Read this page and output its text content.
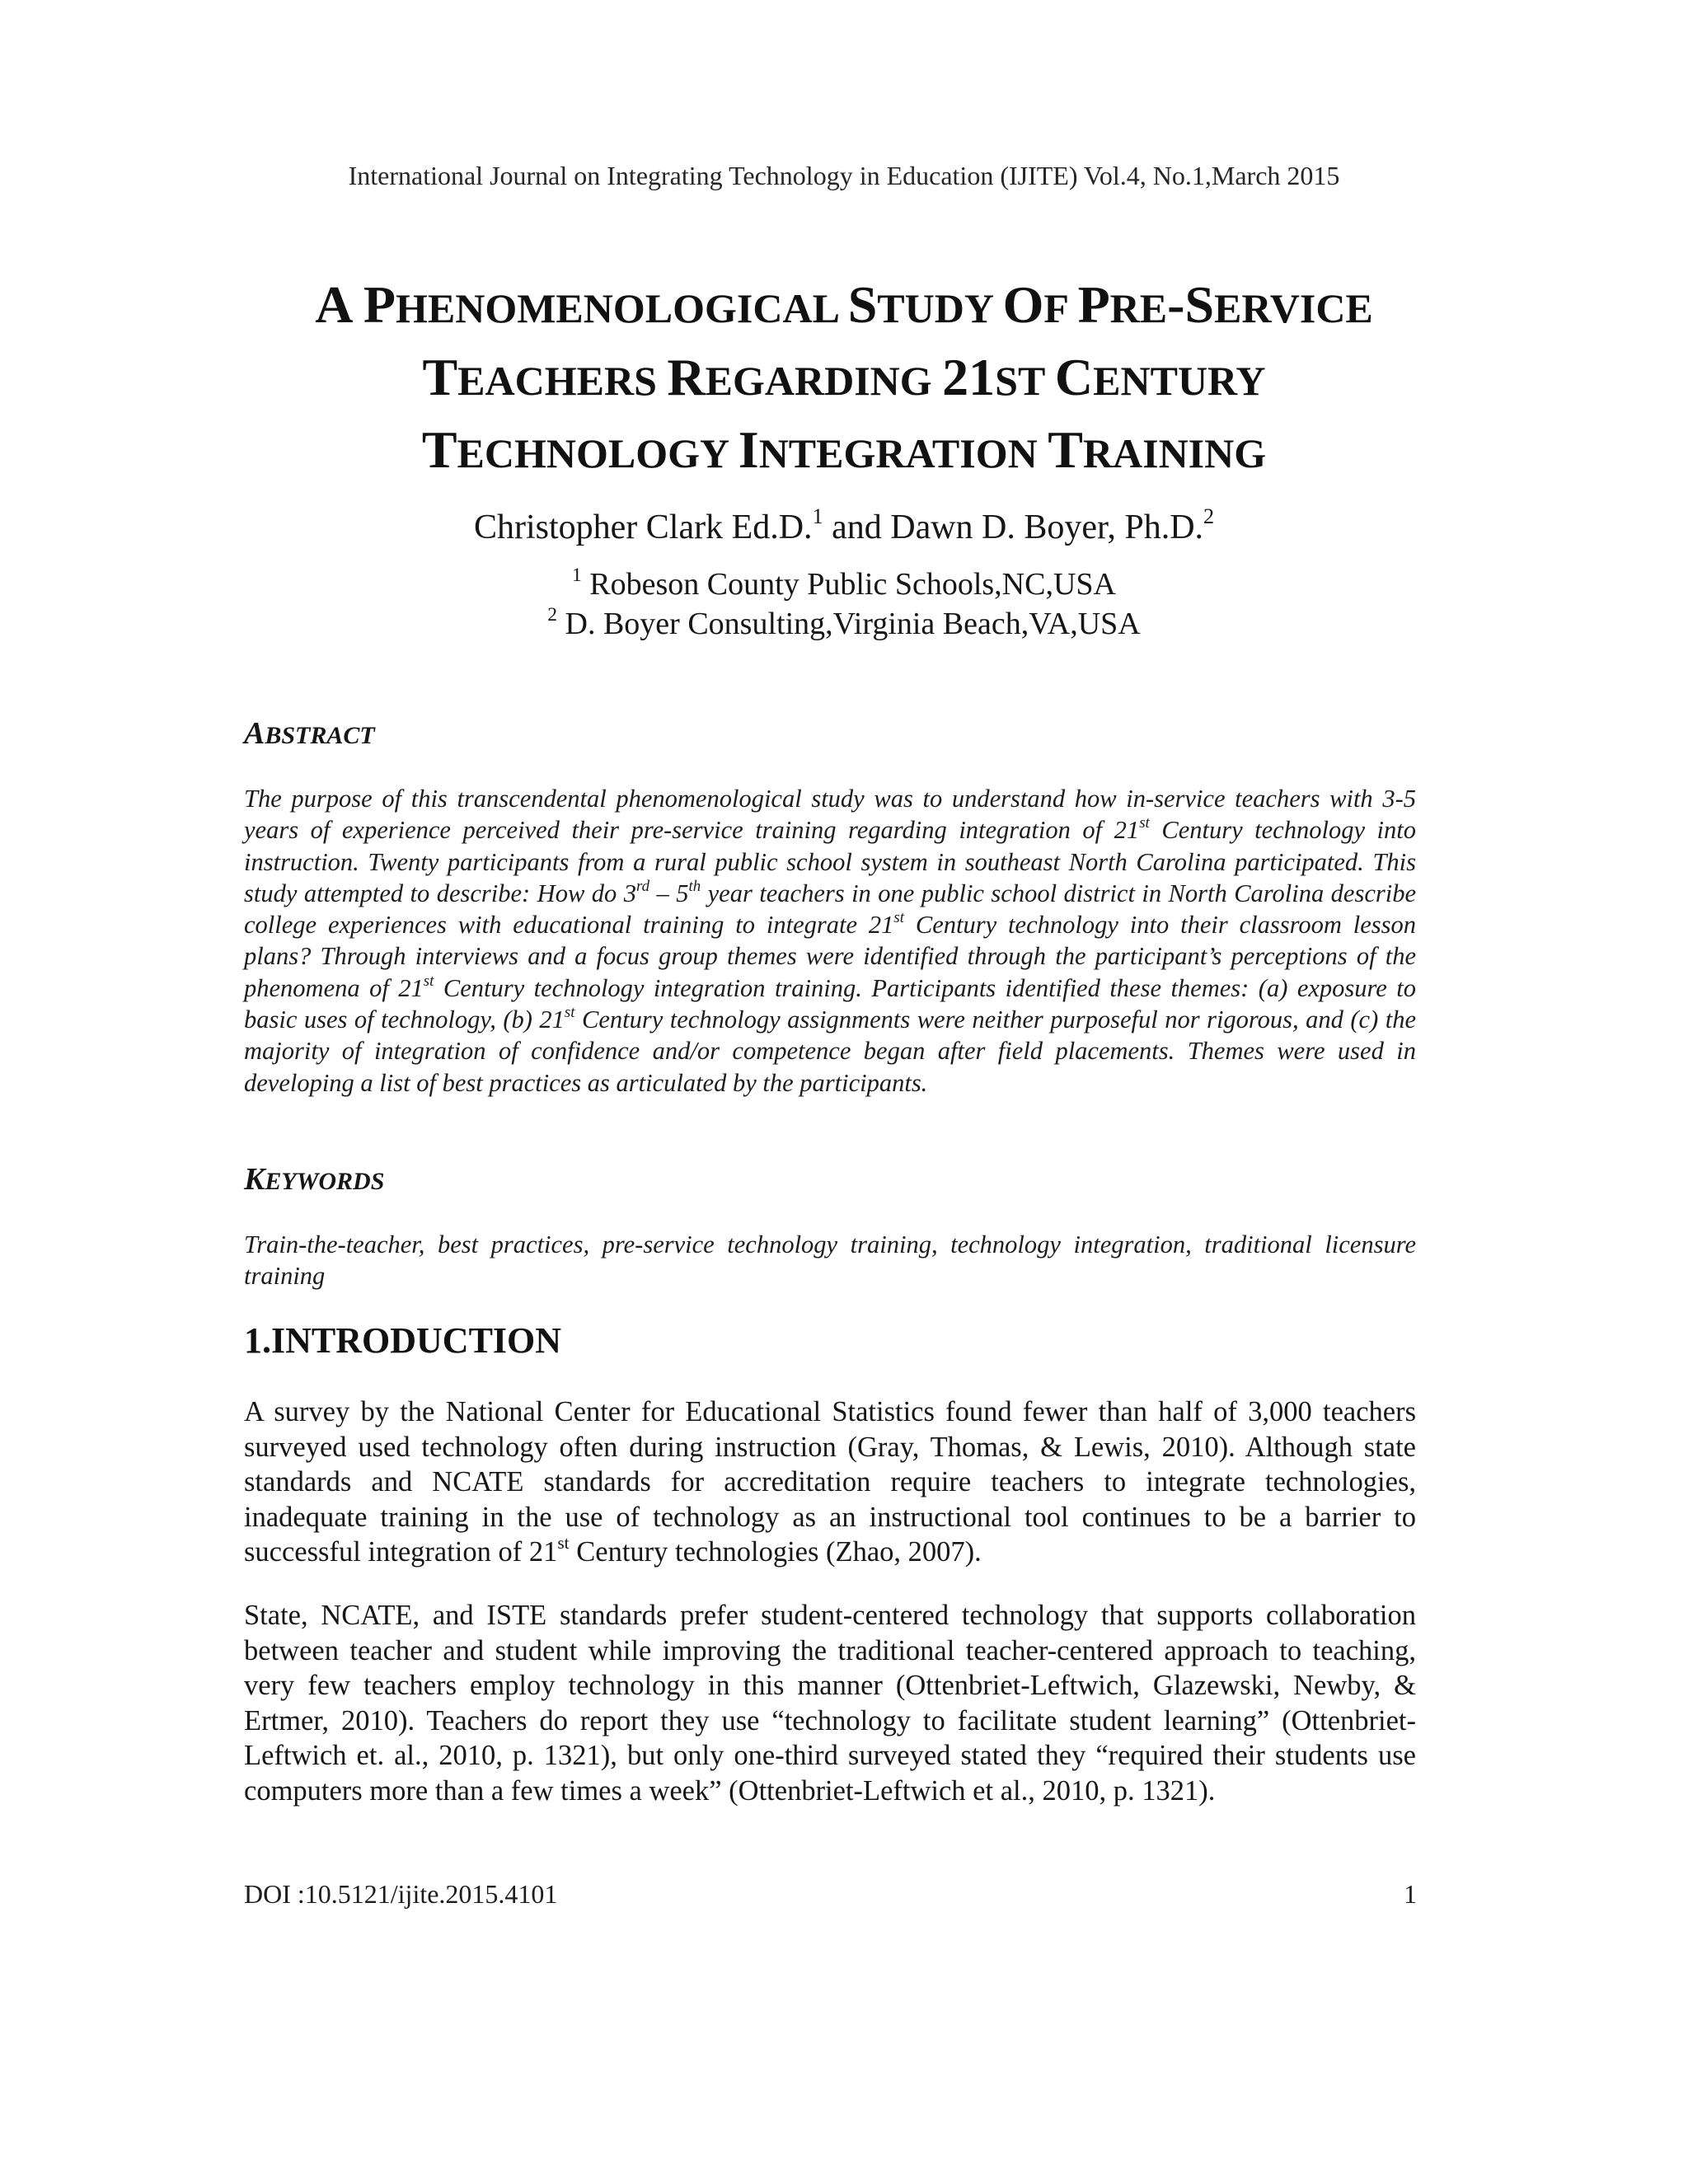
International Journal on Integrating Technology in Education (IJITE) Vol.4, No.1,March 2015
A PHENOMENOLOGICAL STUDY OF PRE-SERVICE
TEACHERS REGARDING 21ST CENTURY
TECHNOLOGY INTEGRATION TRAINING
Christopher Clark Ed.D.$^1$ and Dawn D. Boyer, Ph.D.$^2$
$^1$ Robeson County Public Schools,NC,USA
$^2$ D. Boyer Consulting,Virginia Beach,VA,USA
ABSTRACT
The purpose of this transcendental phenomenological study was to understand how in-service teachers with 3-5 years of experience perceived their pre-service training regarding integration of 21st Century technology into instruction. Twenty participants from a rural public school system in southeast North Carolina participated. This study attempted to describe: How do 3rd – 5th year teachers in one public school district in North Carolina describe college experiences with educational training to integrate 21st Century technology into their classroom lesson plans? Through interviews and a focus group themes were identified through the participant’s perceptions of the phenomena of 21st Century technology integration training. Participants identified these themes: (a) exposure to basic uses of technology, (b) 21st Century technology assignments were neither purposeful nor rigorous, and (c) the majority of integration of confidence and/or competence began after field placements. Themes were used in developing a list of best practices as articulated by the participants.
KEYWORDS
Train-the-teacher, best practices, pre-service technology training, technology integration, traditional licensure training
1.INTRODUCTION
A survey by the National Center for Educational Statistics found fewer than half of 3,000 teachers surveyed used technology often during instruction (Gray, Thomas, & Lewis, 2010). Although state standards and NCATE standards for accreditation require teachers to integrate technologies, inadequate training in the use of technology as an instructional tool continues to be a barrier to successful integration of 21st Century technologies (Zhao, 2007).
State, NCATE, and ISTE standards prefer student-centered technology that supports collaboration between teacher and student while improving the traditional teacher-centered approach to teaching, very few teachers employ technology in this manner (Ottenbriet-Leftwich, Glazewski, Newby, & Ertmer, 2010). Teachers do report they use “technology to facilitate student learning” (Ottenbriet-Leftwich et. al., 2010, p. 1321), but only one-third surveyed stated they “required their students use computers more than a few times a week” (Ottenbriet-Leftwich et al., 2010, p. 1321).
DOI :10.5121/ijite.2015.4101	1
